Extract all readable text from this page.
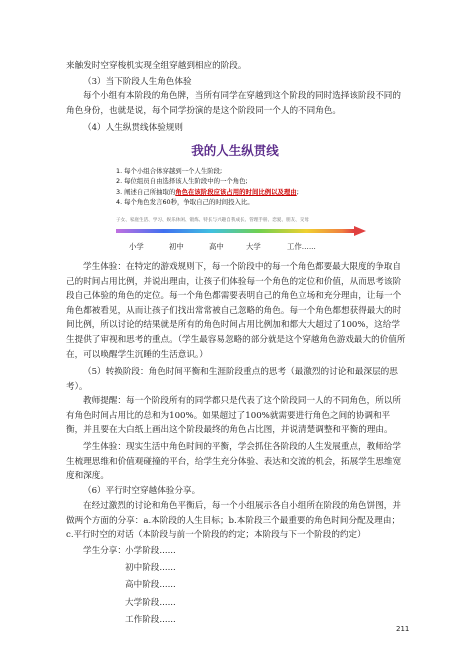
来触发时空穿梭机实现全组穿越到相应的阶段。

（3）当下阶段人生角色体验

每个小组有本阶段的角色牌，当所有同学在穿越到这个阶段的同时选择该阶段不同的角色身份，也就是说，每个同学扮演的是这个阶段同一个人的不同角色。

（4）人生纵贯线体验规则

我的人生纵贯线
1. 每个小组合体穿越到一个人生阶段;
2. 每位组员自由选择该人生阶段中的一个角色;
3. 阐述自己所抽取的角色在该阶段应该占用的时间比例以及理由;
4. 每个角色发言60秒，争取自己的时间投入比。
子女、家庭生活、学习、娱乐休闲、锻炼、特长与兴趣自我成长、管理手册、恋爱、朋友、交母
小学	初中	高中	大学	工作......

学生体验：在特定的游戏规则下，每一个阶段中的每一个角色都要最大限度的争取自己的时间占用比例，并说出理由，让孩子们体验每一个角色的定位和价值，从而思考该阶段自己体验的角色的定位。每一个角色都需要表明自己的角色立场和充分理由，让每一个角色都被看见，从而让孩子们找出常常被自己忽略的角色。每一个角色都想获得最大的时间比例，所以讨论的结果就是所有的角色时间占用比例加和都大大超过了100%，这给学生提供了审视和思考的重点。（学生最容易忽略的部分就是这个穿越角色游戏最大的价值所在，可以唤醒学生沉睡的生活意识。）

（5）转换阶段：角色时间平衡和生涯阶段重点的思考（最激烈的讨论和最深层的思考）。

教师提醒：每一个阶段所有的同学都只是代表了这个阶段同一人的不同角色，所以所有角色时间占用比的总和为100%。如果超过了100%就需要进行角色之间的协调和平衡，并且要在大白纸上画出这个阶段最终的角色占比图，并说清楚调整和平衡的理由。

学生体验：现实生活中角色时间的平衡，学会抓住各阶段的人生发展重点，教师给学生梳理思维和价值观碰撞的平台，给学生充分体验、表达和交流的机会，拓展学生思维宽度和深度。

（6）平行时空穿越体验分享。

在经过激烈的讨论和角色平衡后，每一个小组展示各自小组所在阶段的角色饼图，并做两个方面的分享：a.本阶段的人生目标；b.本阶段三个最重要的角色时间分配及理由；c.平行时空的对话（本阶段与前一个阶段的约定；本阶段与下一个阶段的约定）

学生分享： 小学阶段......
初中阶段......
高中阶段......
大学阶段......
工作阶段......
211
